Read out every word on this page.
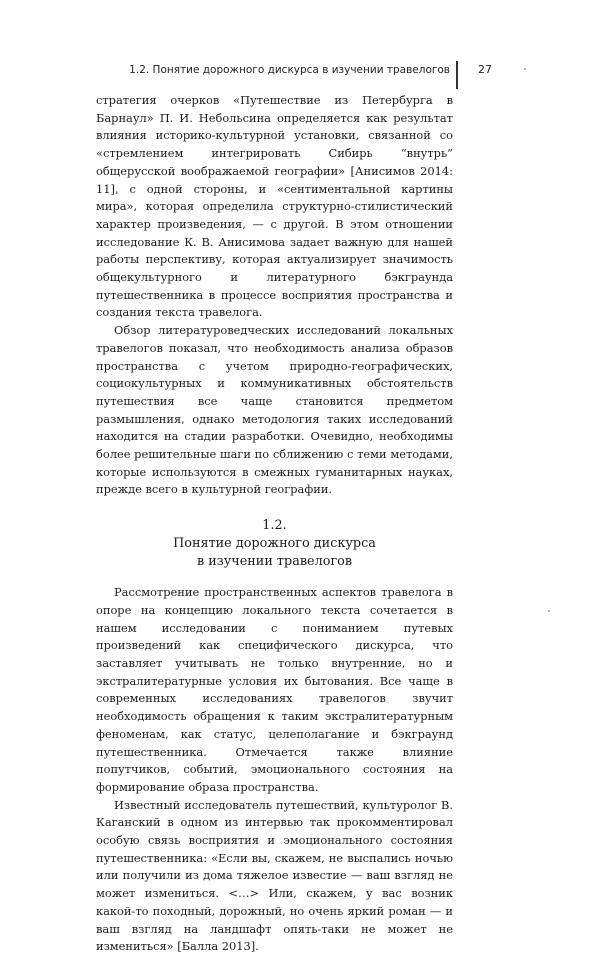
1.2. Понятие дорожного дискурса в изучении травелогов	27

стратегия очерков «Путешествие из Петербурга в Барнаул» П. И. Небольсина определяется как результат влияния историко-культурной установки, связанной со «стремлением интегрировать Сибирь “внутрь” общерусской воображаемой географии» [Анисимов 2014: 11], с одной стороны, и «сентиментальной картины мира», которая определила структурно-стилистический характер произведения, — с другой. В этом отношении исследование К. В. Анисимова задает важную для нашей работы перспективу, которая актуализирует значимость общекультурного и литературного бэкграунда путешественника в процессе восприятия пространства и создания текста травелога.

Обзор литературоведческих исследований локальных травелогов показал, что необходимость анализа образов пространства с учетом природно-географических, социокультурных и коммуникативных обстоятельств путешествия все чаще становится предметом размышления, однако методология таких исследований находится на стадии разработки. Очевидно, необходимы более решительные шаги по сближению с теми методами, которые используются в смежных гуманитарных науках, прежде всего в культурной географии.

1.2.
Понятие дорожного дискурса
в изучении травелогов

Рассмотрение пространственных аспектов травелога в опоре на концепцию локального текста сочетается в нашем исследовании с пониманием путевых произведений как специфического дискурса, что заставляет учитывать не только внутренние, но и экстралитературные условия их бытования. Все чаще в современных исследованиях травелогов звучит необходимость обращения к таким экстралитературным феноменам, как статус, целеполагание и бэкграунд путешественника. Отмечается также влияние попутчиков, событий, эмоционального состояния на формирование образа пространства.

Известный исследователь путешествий, культуролог В. Каганский в одном из интервью так прокомментировал особую связь восприятия и эмоционального состояния путешественника: «Если вы, скажем, не выспались ночью или получили из дома тяжелое известие — ваш взгляд не может измениться. <…> Или, скажем, у вас возник какой-то походный, дорожный, но очень яркий роман — и ваш взгляд на ландшафт опять-таки не может не измениться» [Балла 2013].
